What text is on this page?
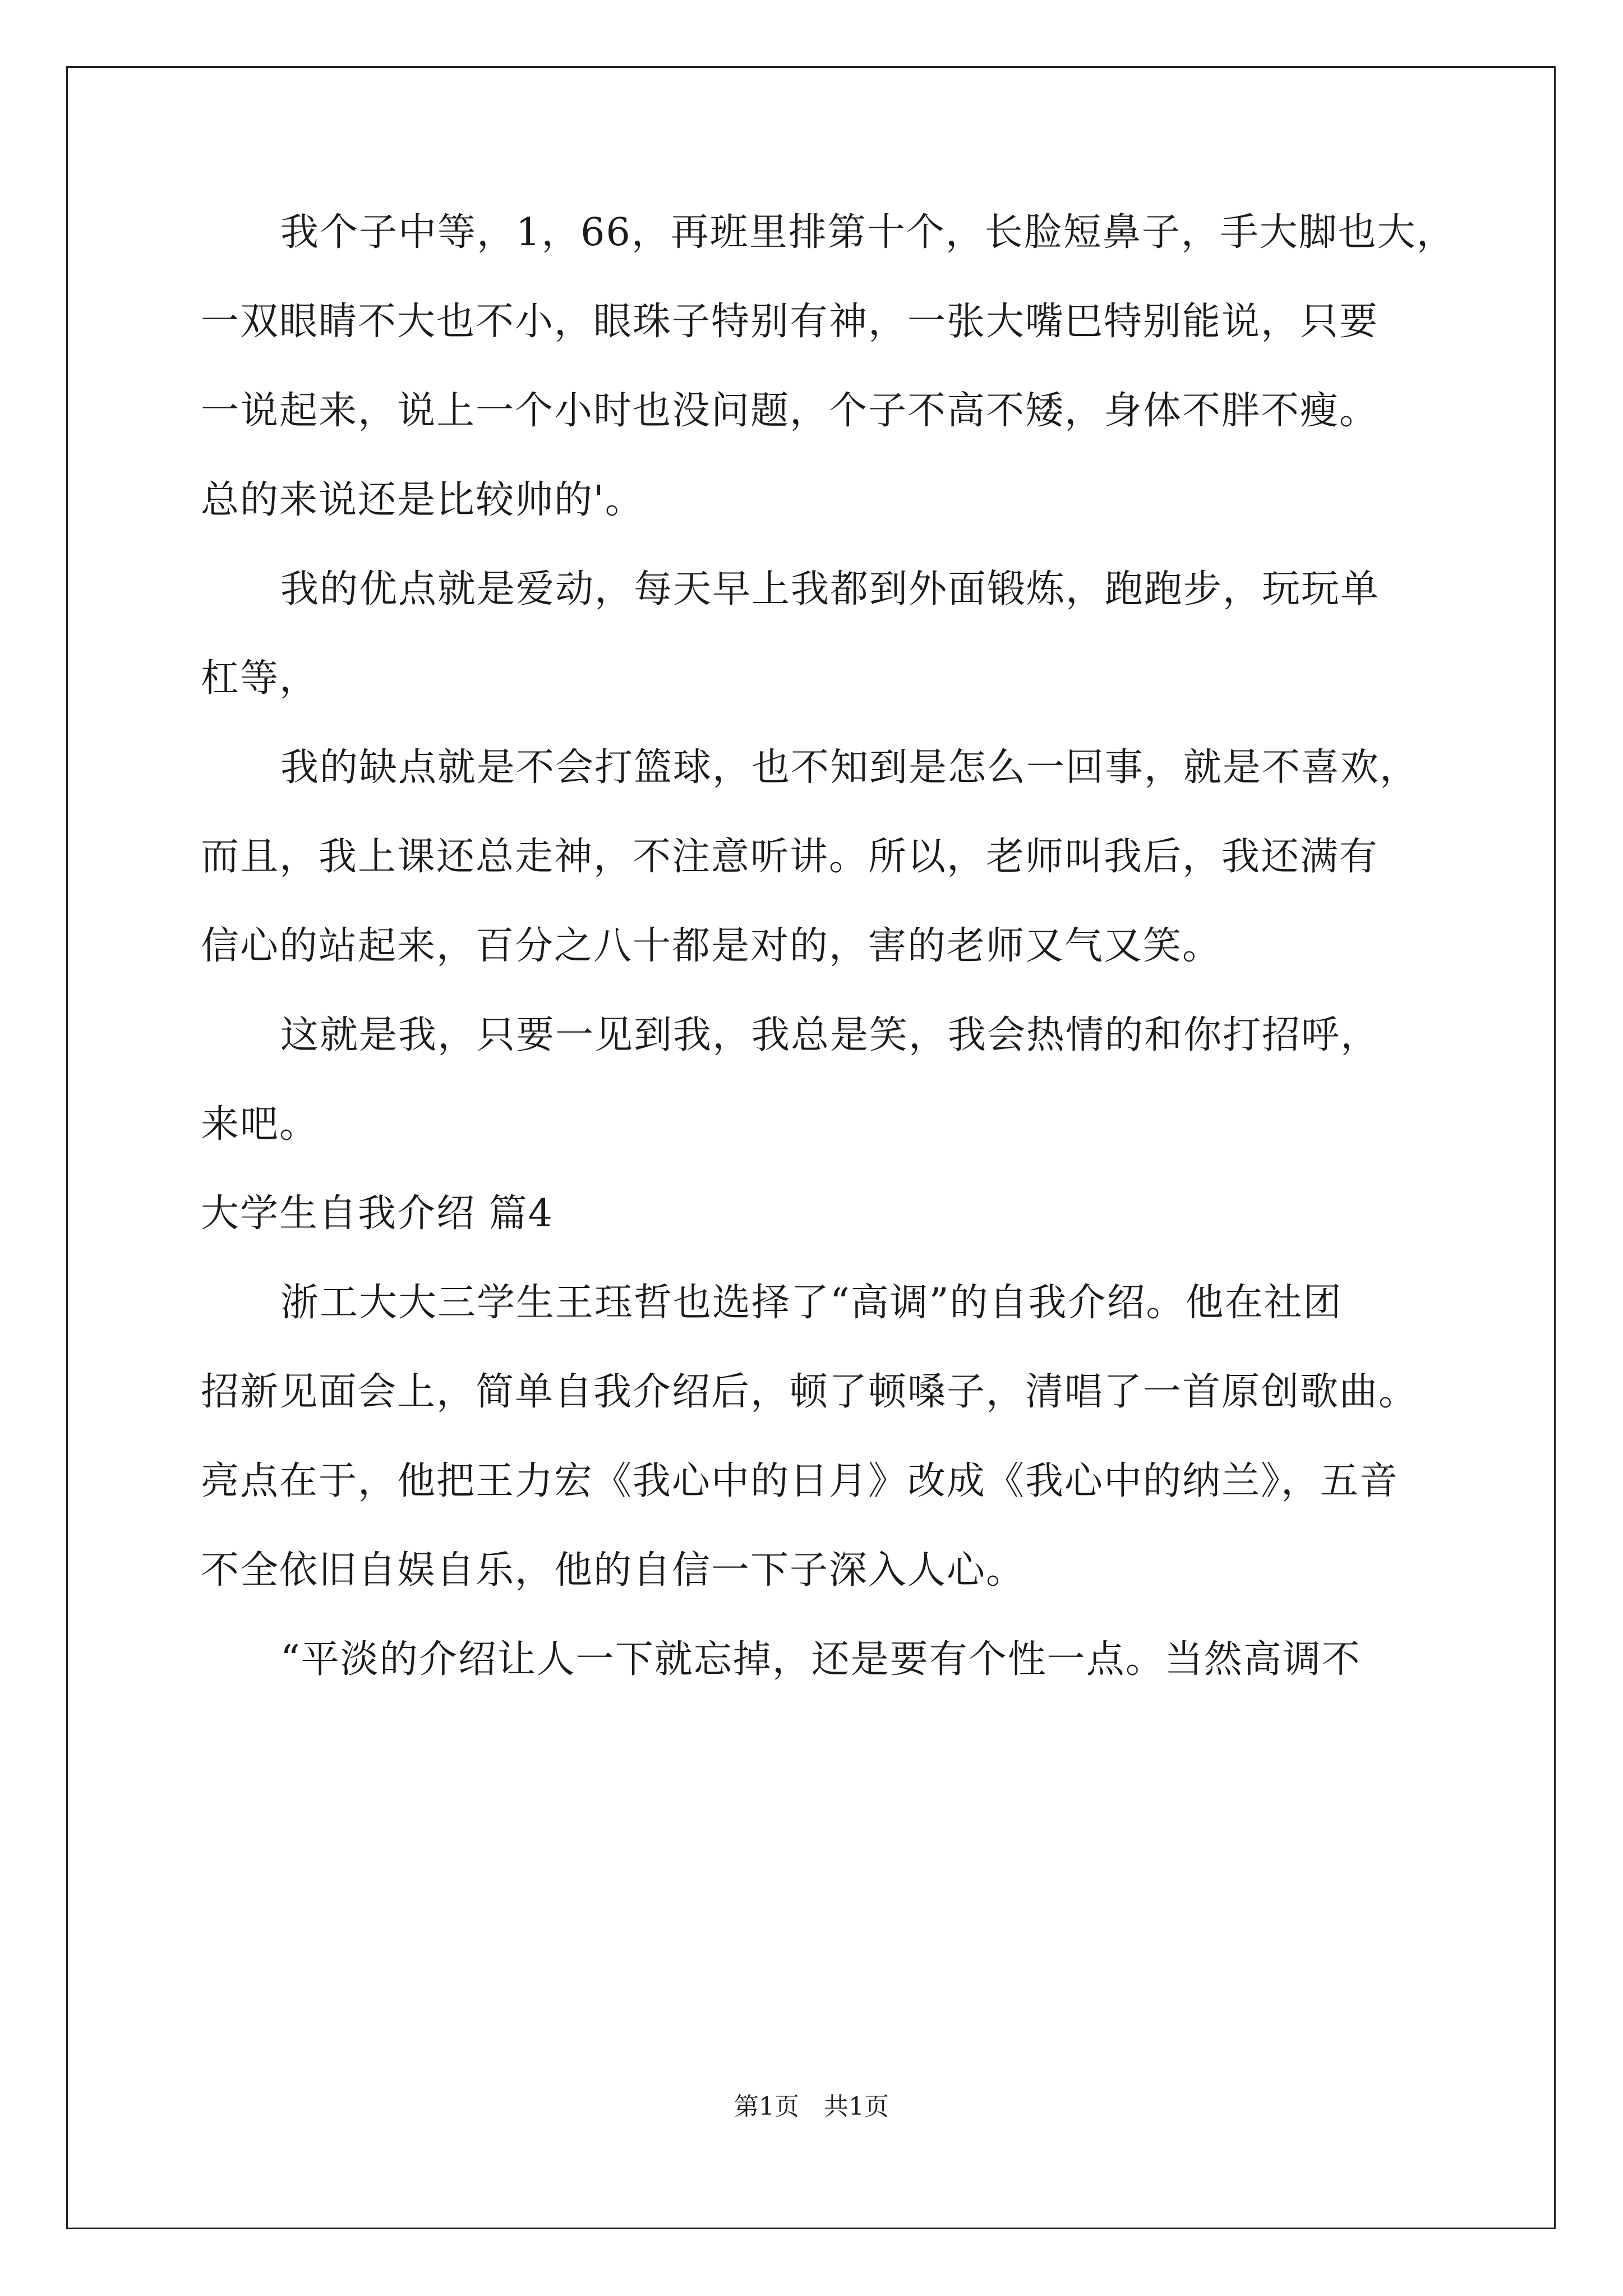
我个子中等，1，66，再班里排第十个，长脸短鼻子，手大脚也大，
一双眼睛不大也不小，眼珠子特别有神，一张大嘴巴特别能说，只要
一说起来，说上一个小时也没问题，个子不高不矮，身体不胖不瘦。
总的来说还是比较帅的'。
我的优点就是爱动，每天早上我都到外面锻炼，跑跑步，玩玩单
杠等，
我的缺点就是不会打篮球，也不知到是怎么一回事，就是不喜欢，
而且，我上课还总走神，不注意听讲。所以，老师叫我后，我还满有
信心的站起来，百分之八十都是对的，害的老师又气又笑。
这就是我，只要一见到我，我总是笑，我会热情的和你打招呼，
来吧。
大学生自我介绍 篇4
浙工大大三学生王珏哲也选择了“高调”的自我介绍。他在社团
招新见面会上，简单自我介绍后，顿了顿嗓子，清唱了一首原创歌曲。
亮点在于，他把王力宏《我心中的日月》改成《我心中的纳兰》，五音
不全依旧自娱自乐，他的自信一下子深入人心。
“平淡的介绍让人一下就忘掉，还是要有个性一点。当然高调不
第1页　共1页
